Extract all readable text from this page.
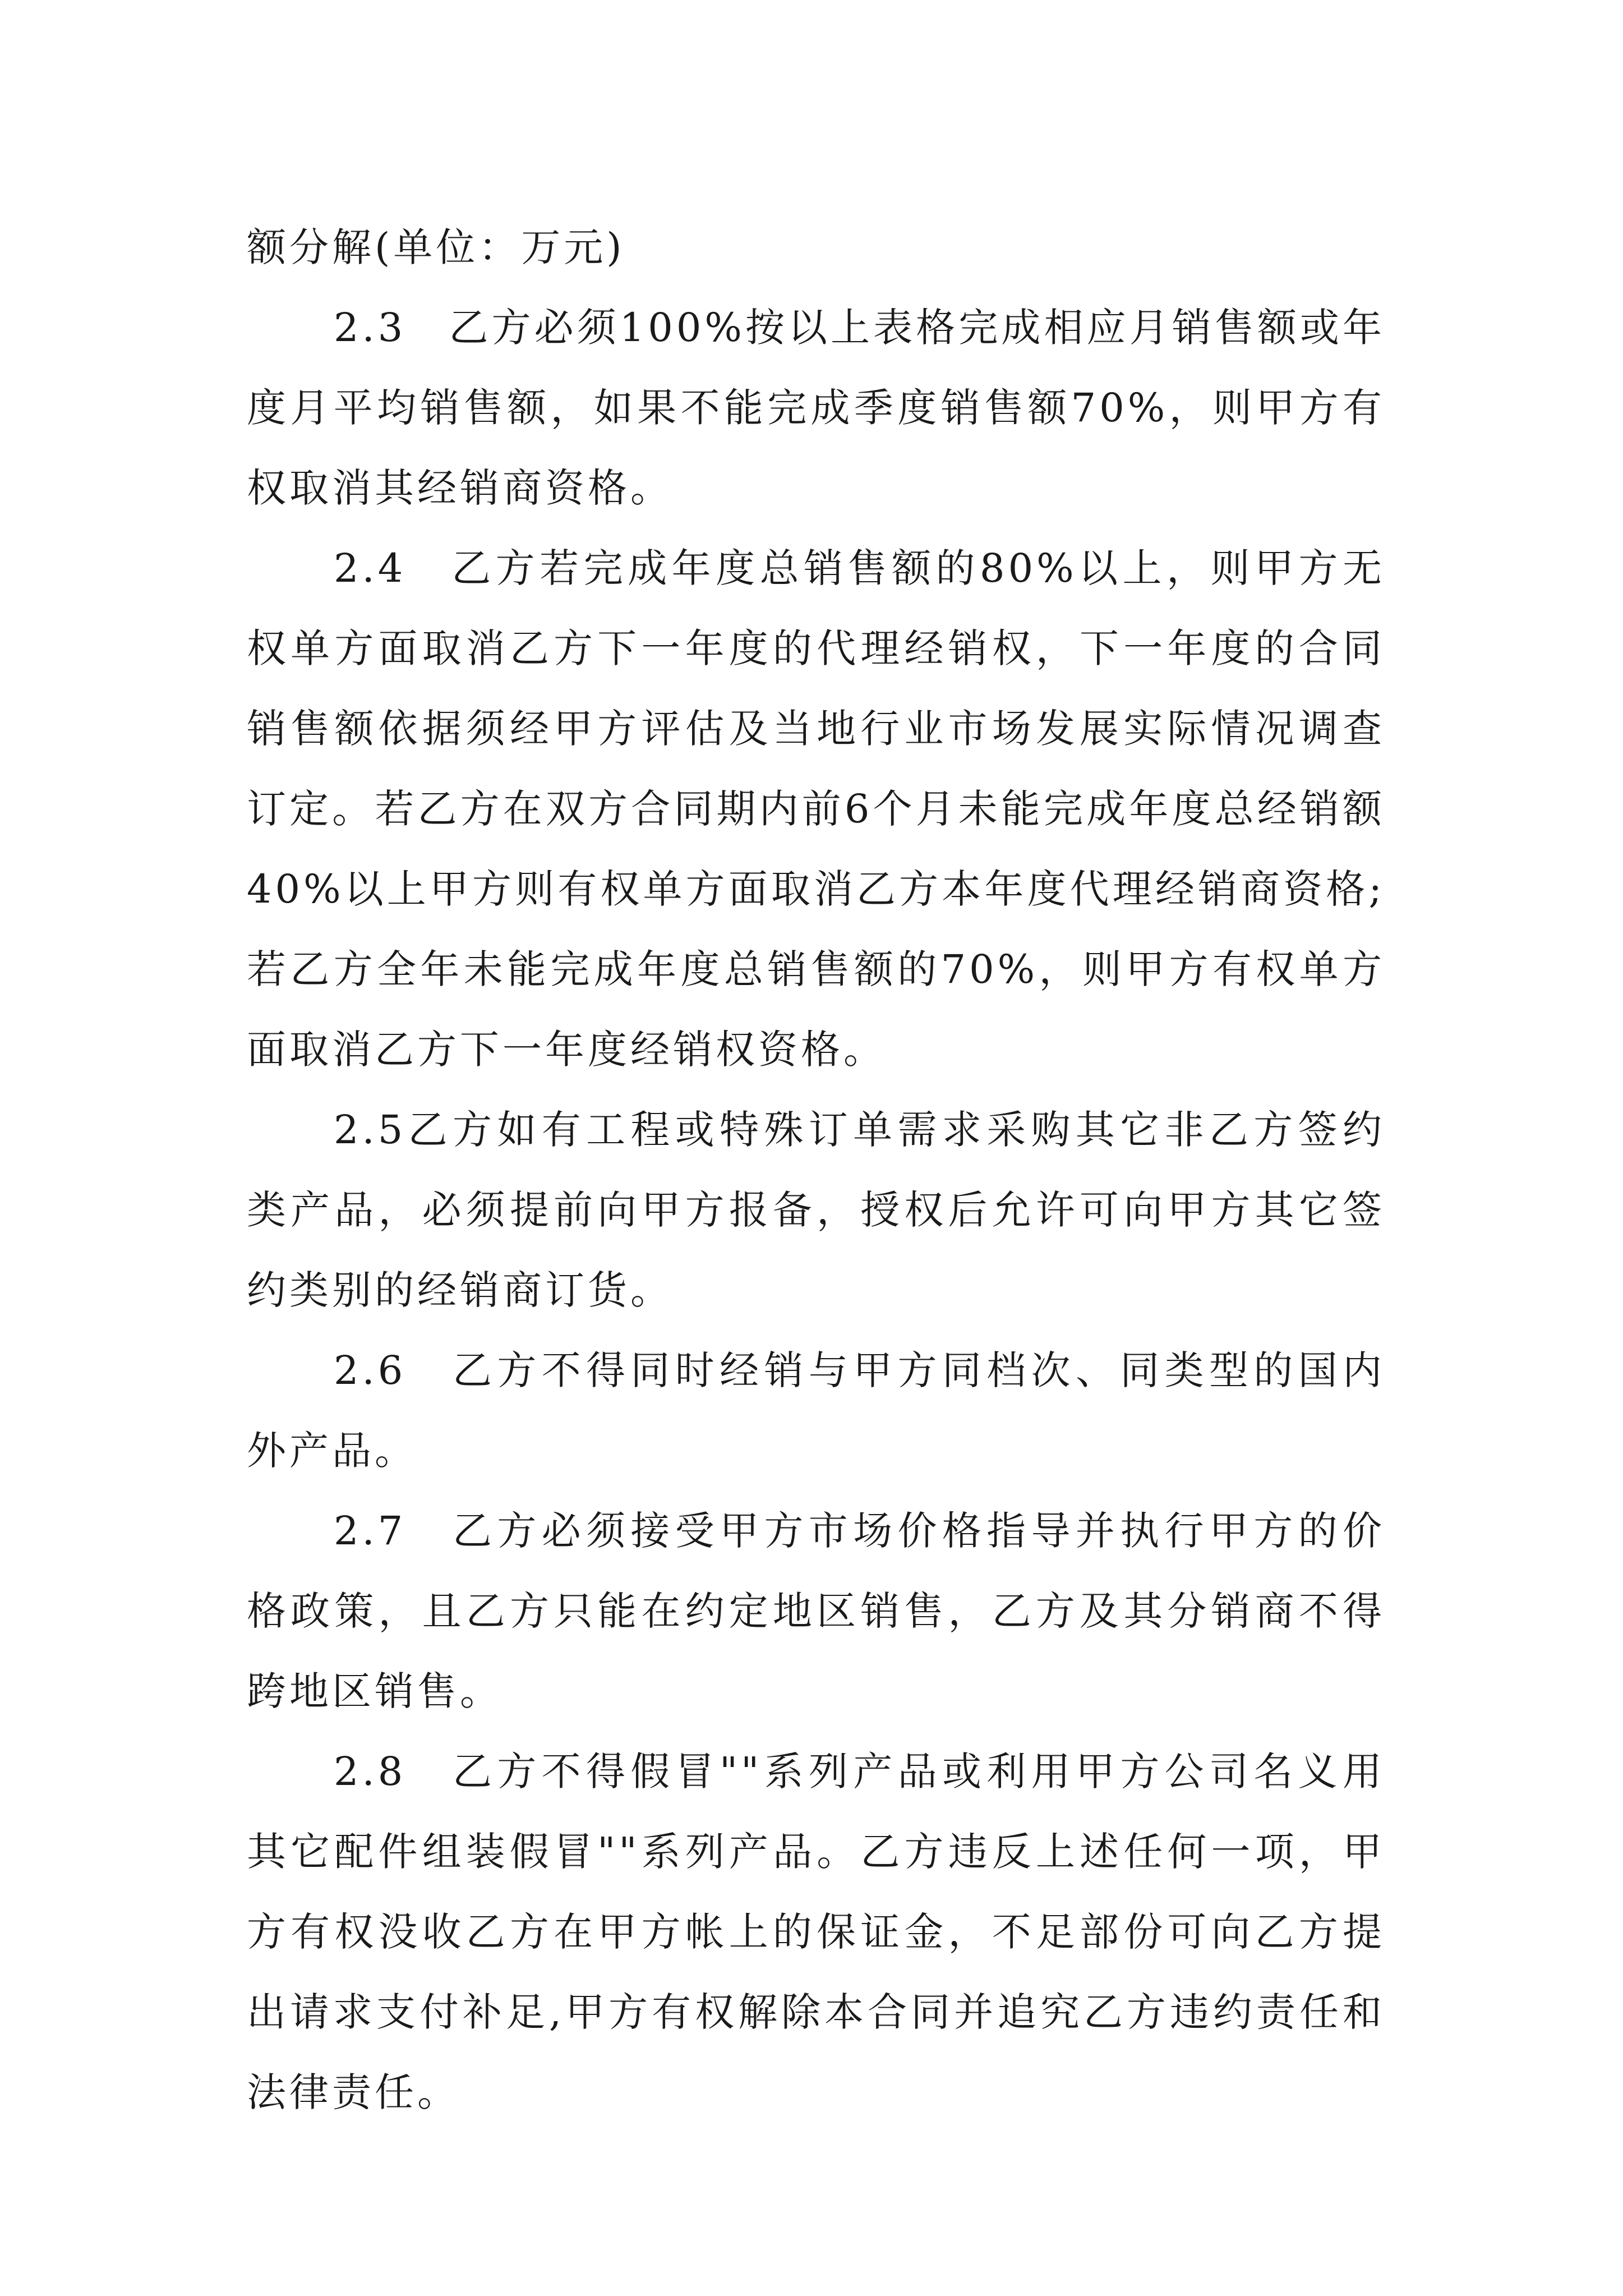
额分解(单位：万元)

2.3　乙方必须100%按以上表格完成相应月销售额或年度月平均销售额，如果不能完成季度销售额70%，则甲方有权取消其经销商资格。

2.4　乙方若完成年度总销售额的80%以上，则甲方无权单方面取消乙方下一年度的代理经销权，下一年度的合同销售额依据须经甲方评估及当地行业市场发展实际情况调查订定。若乙方在双方合同期内前6个月未能完成年度总经销额40%以上甲方则有权单方面取消乙方本年度代理经销商资格;若乙方全年未能完成年度总销售额的70%，则甲方有权单方面取消乙方下一年度经销权资格。

2.5乙方如有工程或特殊订单需求采购其它非乙方签约类产品，必须提前向甲方报备，授权后允许可向甲方其它签约类别的经销商订货。

2.6　乙方不得同时经销与甲方同档次、同类型的国内外产品。

2.7　乙方必须接受甲方市场价格指导并执行甲方的价格政策，且乙方只能在约定地区销售，乙方及其分销商不得跨地区销售。

2.8　乙方不得假冒""系列产品或利用甲方公司名义用其它配件组装假冒""系列产品。乙方违反上述任何一项，甲方有权没收乙方在甲方帐上的保证金，不足部份可向乙方提出请求支付补足,甲方有权解除本合同并追究乙方违约责任和法律责任。
